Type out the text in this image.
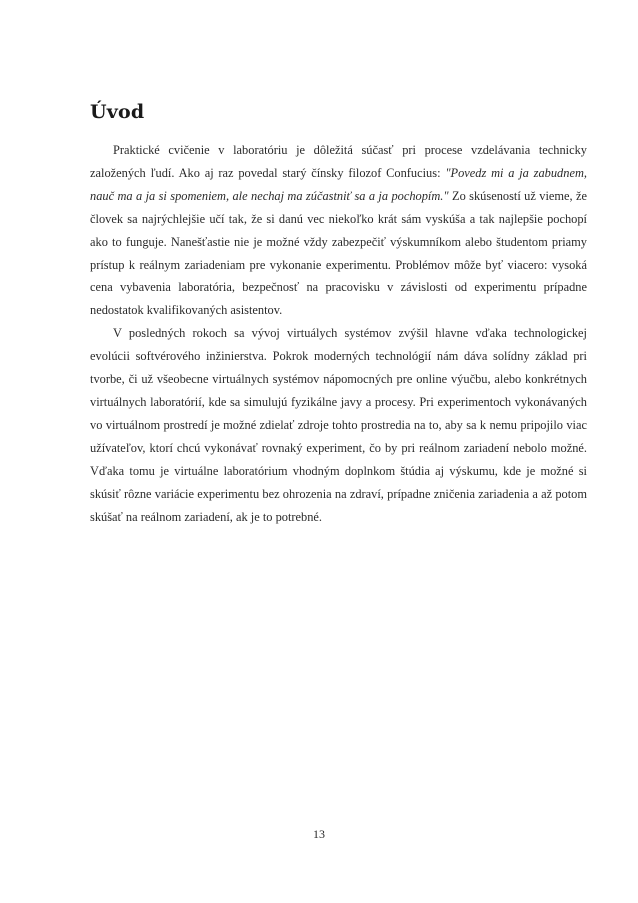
Úvod

Praktické cvičenie v laboratóriu je dôležitá súčasť pri procese vzdelávania technicky založených ľudí. Ako aj raz povedal starý čínsky filozof Confucius: "Povedz mi a ja zabudnem, nauč ma a ja si spomeniem, ale nechaj ma zúčastniť sa a ja pochopím." Zo skúseností už vieme, že človek sa najrýchlejšie učí tak, že si danú vec niekoľko krát sám vyskúša a tak najlepšie pochopí ako to funguje. Nanešťastie nie je možné vždy zabezpečiť výskumníkom alebo študentom priamy prístup k reálnym zariadeniam pre vykonanie experimentu. Problémov môže byť viacero: vysoká cena vybavenia laboratória, bezpečnosť na pracovisku v závislosti od experimentu prípadne nedostatok kvalifikovaných asistentov.

V posledných rokoch sa vývoj virtuálych systémov zvýšil hlavne vďaka technologickej evolúcii softvérového inžinierstva. Pokrok moderných technológií nám dáva solídny základ pri tvorbe, či už všeobecne virtuálnych systémov nápomocných pre online výučbu, alebo konkrétnych virtuálnych laboratórií, kde sa simulujú fyzikálne javy a procesy. Pri experimentoch vykonávaných vo virtuálnom prostredí je možné zdielať zdroje tohto prostredia na to, aby sa k nemu pripojilo viac užívateľov, ktorí chcú vykonávať rovnaký experiment, čo by pri reálnom zariadení nebolo možné. Vďaka tomu je virtuálne laboratórium vhodným doplnkom štúdia aj výskumu, kde je možné si skúsiť rôzne variácie experimentu bez ohrozenia na zdraví, prípadne zničenia zariadenia a až potom skúšať na reálnom zariadení, ak je to potrebné.

13
